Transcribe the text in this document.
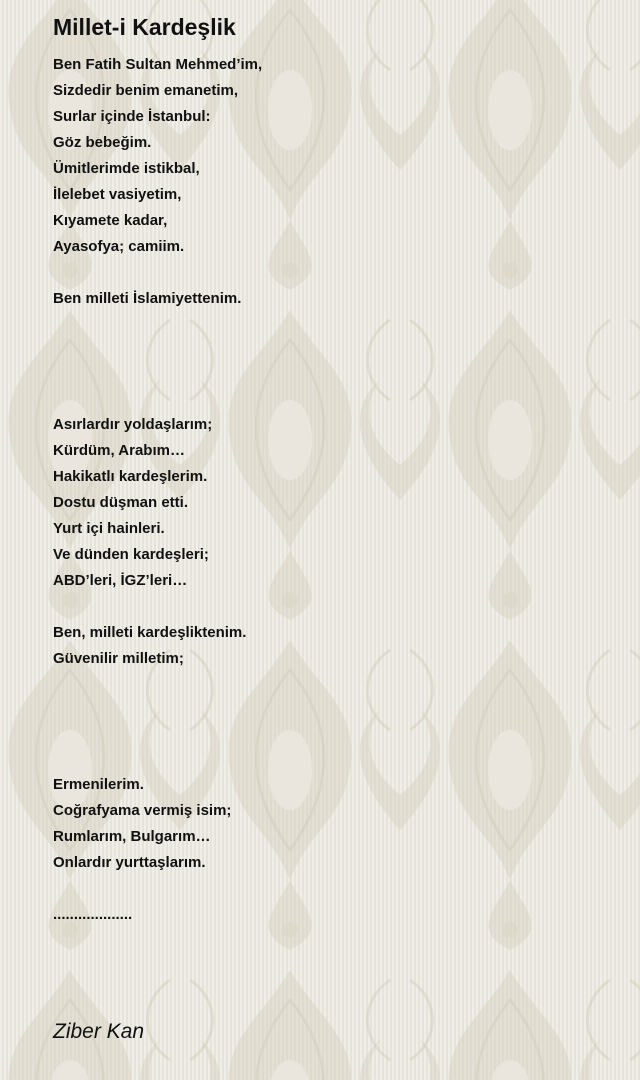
Millet-i Kardeşlik
Ben Fatih Sultan Mehmed’im,
Sizdedir benim emanetim,
Surlar içinde İstanbul:
Göz bebeğim.
Ümitlerimde istikbal,
İlelebet vasiyetim,
Kıyamete kadar,
Ayasofya; camiim.
Ben milleti İslamiyettenim.
Asırlardır yoldaşlarım;
Kürdüm, Arabım…
Hakikatlı kardeşlerim.
Dostu düşman etti.
Yurt içi hainleri.
Ve dünden kardeşleri;
ABD’leri, İGZ’leri…
Ben, milleti kardeşliktenim.
Güvenilir milletim;
Ermenilerim.
Coğrafyama vermiş isim;
Rumlarım, Bulgarım…
Onlardır yurttaşlarım.
...................
Ziber Kan
